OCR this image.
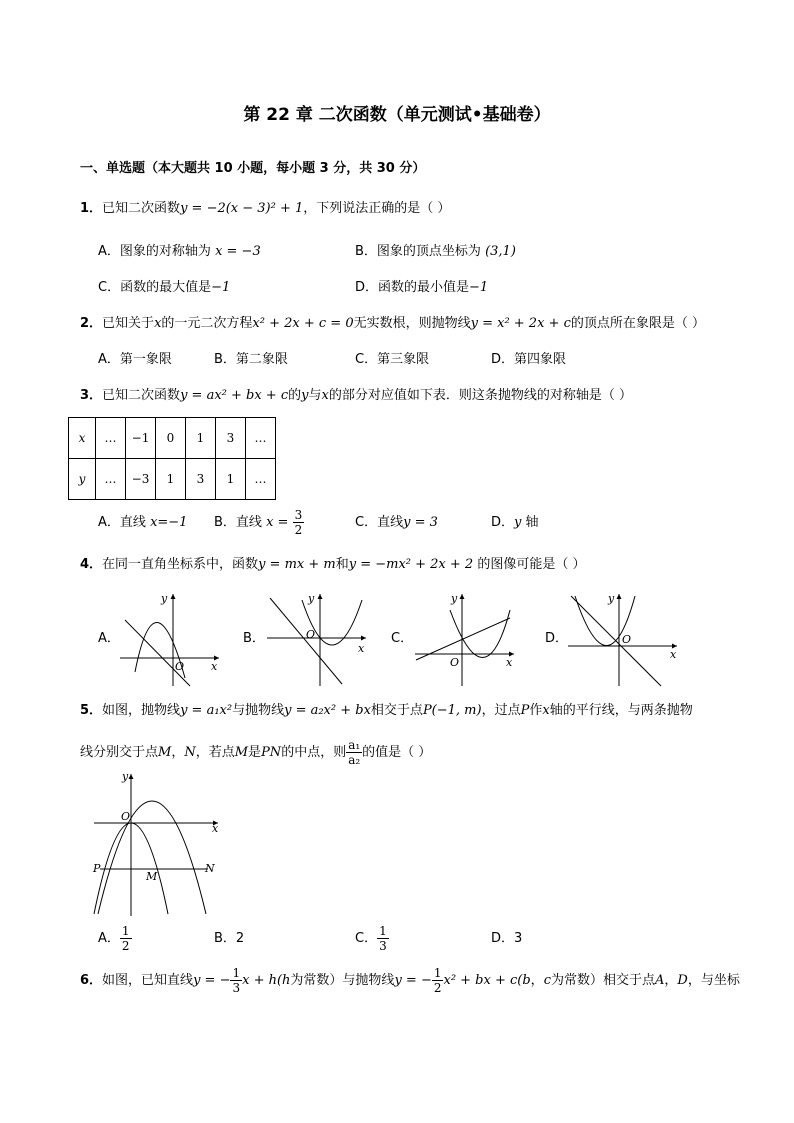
第 22 章 二次函数（单元测试•基础卷）
一、单选题（本大题共 10 小题，每小题 3 分，共 30 分）
1．已知二次函数y = −2(x − 3)² + 1，下列说法正确的是（ ）
A．图象的对称轴为 x = −3	B．图象的顶点坐标为 (3,1)
C．函数的最大值是−1	D．函数的最小值是−1
2．已知关于x的一元二次方程x² + 2x + c = 0无实数根，则抛物线y = x² + 2x + c的顶点所在象限是（ ）
A．第一象限	B．第二象限	C．第三象限	D．第四象限
3．已知二次函数y = ax² + bx + c的y与x的部分对应值如下表．则这条抛物线的对称轴是（ ）
x	…	−1	0	1	3	…
y	…	−3	1	3	1	…
A．直线 x=−1 B．直线 $x = \frac{3}{2}$	C．直线y = 3	D．y 轴
4．在同一直角坐标系中，函数y = mx + m和y = −mx² + 2x + 2 的图像可能是（ ）
A．
x
y
O
B．
x
y
O	C．
x
y
O
D．
x
y
O
5．如图，抛物线y = a₁x²与抛物线y = a₂x² + bx相交于点P(−1, m)，过点P作x轴的平行线，与两条抛物
线分别交于点M，N，若点M是PN的中点，则 $\frac{\text{a₁}}{\text{a₂}}$ 的值是（ ）
y
x
O
P
M
N
A． $\frac{1}{2}$	B．2	C． $\frac{1}{3}$	D．3
6．如图，已知直线y = − $\frac{1}{3}$ x + h(h为常数）与抛物线y = − $\frac{1}{2} x^2$ + bx + c(b，c为常数）相交于点A，D，与坐标
